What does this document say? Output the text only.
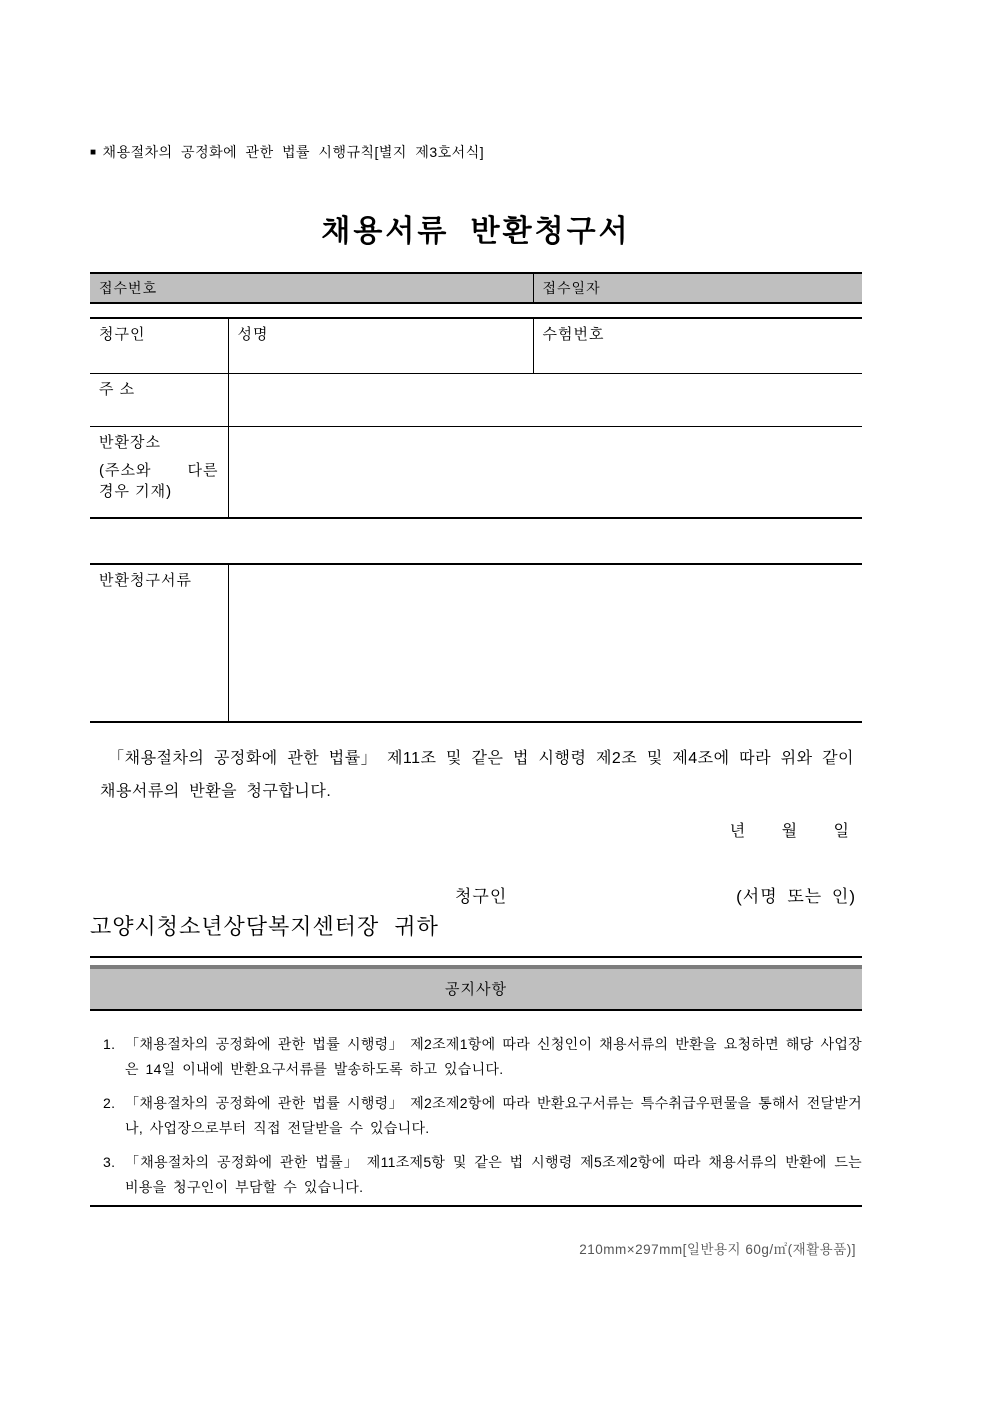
■ 채용절차의 공정화에 관한 법률 시행규칙[별지 제3호서식]
채용서류 반환청구서
접수번호	접수일자
청구인	성명	수험번호
주 소		

반환장소
(주소와 다른
경우 기재)		

반환청구서류	
「채용절차의 공정화에 관한 법률」 제11조 및 같은 법 시행령 제2조 및 제4조에 따라 위와 같이 채용서류의 반환을 청구합니다.
년 월 일
청구인	(서명 또는 인)
고양시청소년상담복지센터장 귀하
공지사항
1. 「채용절차의 공정화에 관한 법률 시행령」 제2조제1항에 따라 신청인이 채용서류의 반환을 요청하면 해당 사업장은 14일 이내에 반환요구서류를 발송하도록 하고 있습니다.
2. 「채용절차의 공정화에 관한 법률 시행령」 제2조제2항에 따라 반환요구서류는 특수취급우편물을 통해서 전달받거나, 사업장으로부터 직접 전달받을 수 있습니다.
3. 「채용절차의 공정화에 관한 법률」 제11조제5항 및 같은 법 시행령 제5조제2항에 따라 채용서류의 반환에 드는 비용을 청구인이 부담할 수 있습니다.
210mm×297mm[일반용지 60g/㎡(재활용품)]
